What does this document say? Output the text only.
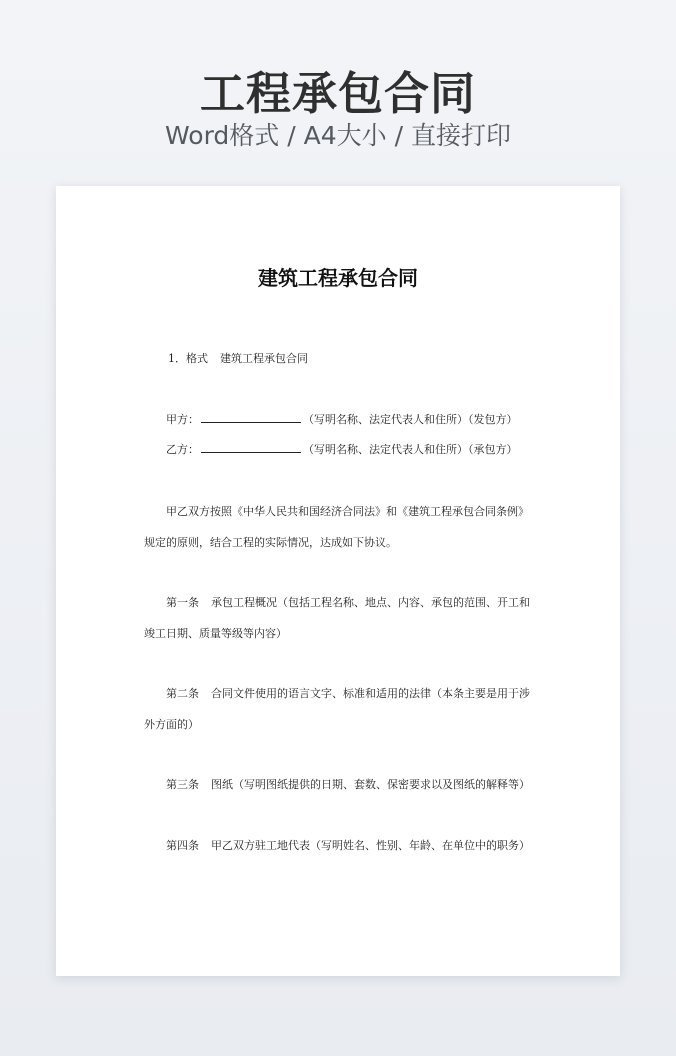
工程承包合同
Word格式 / A4大小 / 直接打印
建筑工程承包合同
1．格式 建筑工程承包合同
甲方：	（写明名称、法定代表人和住所）（发包方）
乙方：	（写明名称、法定代表人和住所）（承包方）

甲乙双方按照《中华人民共和国经济合同法》和《建筑工程承包合同条例》规定的原则，结合工程的实际情况，达成如下协议。

第一条 承包工程概况（包括工程名称、地点、内容、承包的范围、开工和竣工日期、质量等级等内容）

第二条 合同文件使用的语言文字、标准和适用的法律（本条主要是用于涉外方面的）

第三条 图纸（写明图纸提供的日期、套数、保密要求以及图纸的解释等）

第四条 甲乙双方驻工地代表（写明姓名、性别、年龄、在单位中的职务）
